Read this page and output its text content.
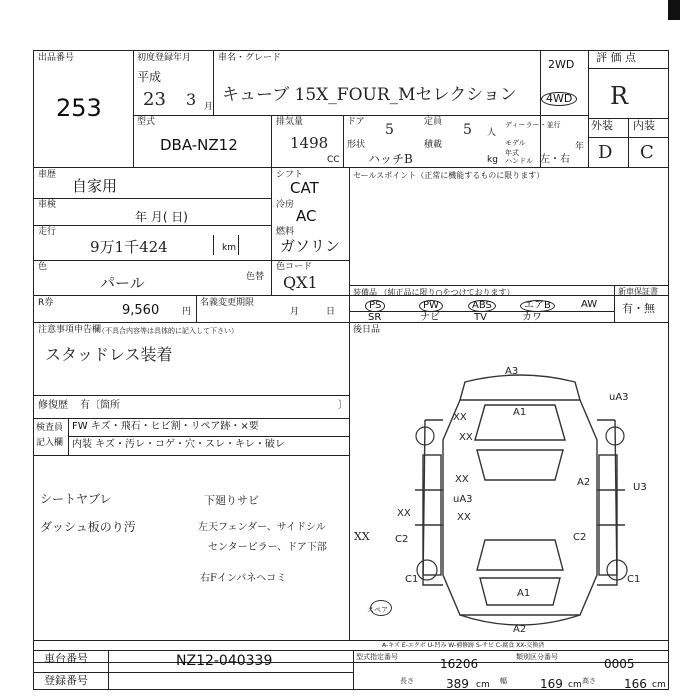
出品番号
253
初度登録年月
平成
23 3 月
車名・グレード
キューブ 15X_FOUR_Mセレクション
2WD
4WD
評 価 点
R
型式
DBA-NZ12
排気量
1498
CC
ドア 5	定員 5 人
ディーラー・並行
モデル年式
年
形状
ハッチB
積載
kg ハンドル 左・右
外装 内装
D C
車歴
自家用
車検
年 月( 日)
走行
9万1千424	km
シフト
CAT
冷房
AC
燃料
ガソリン
色
パール	色替
色コード
QX1
R券	9,560	円
名義変更期限
月	日
セールスポイント（正常に機能するものに限ります）
装備品 （純正品に限り○をつけております）	新車保証書
有・無
PS	PW	ABS	エアB	AW
SR	ナビ	TV	カワ
注意事項申告欄
（不具合内容等は具体的に記入して下さい）
スタッドレス装着
修復歴 有〔箇所	〕
後日品
検査員 FW キズ・飛石・ヒビ割・リペア跡・×要
記入欄 内装 キズ・汚レ・コゲ・穴・スレ・キレ・破レ
シートヤブレ
ダッシュ板のり汚
下廻りサビ
左天フェンダー、サイドシル
センターピラー、ドア下部
右Fインパネヘコミ
XX
A3
uA3
XX	A1
XX
A2	U3
XX
uA3
XX
XX
C2
C2
C1	C1
A2
A1
スペア
A-キズ E-エクボ U-凹み W-補修跡 S-サビ C-腐食 XX-交換済
車台番号	NZ12-040339
登録番号
型式指定番号	16206	類別区分番号	0005
長さ	389 cm 幅	169 cm 高さ 166 cm
